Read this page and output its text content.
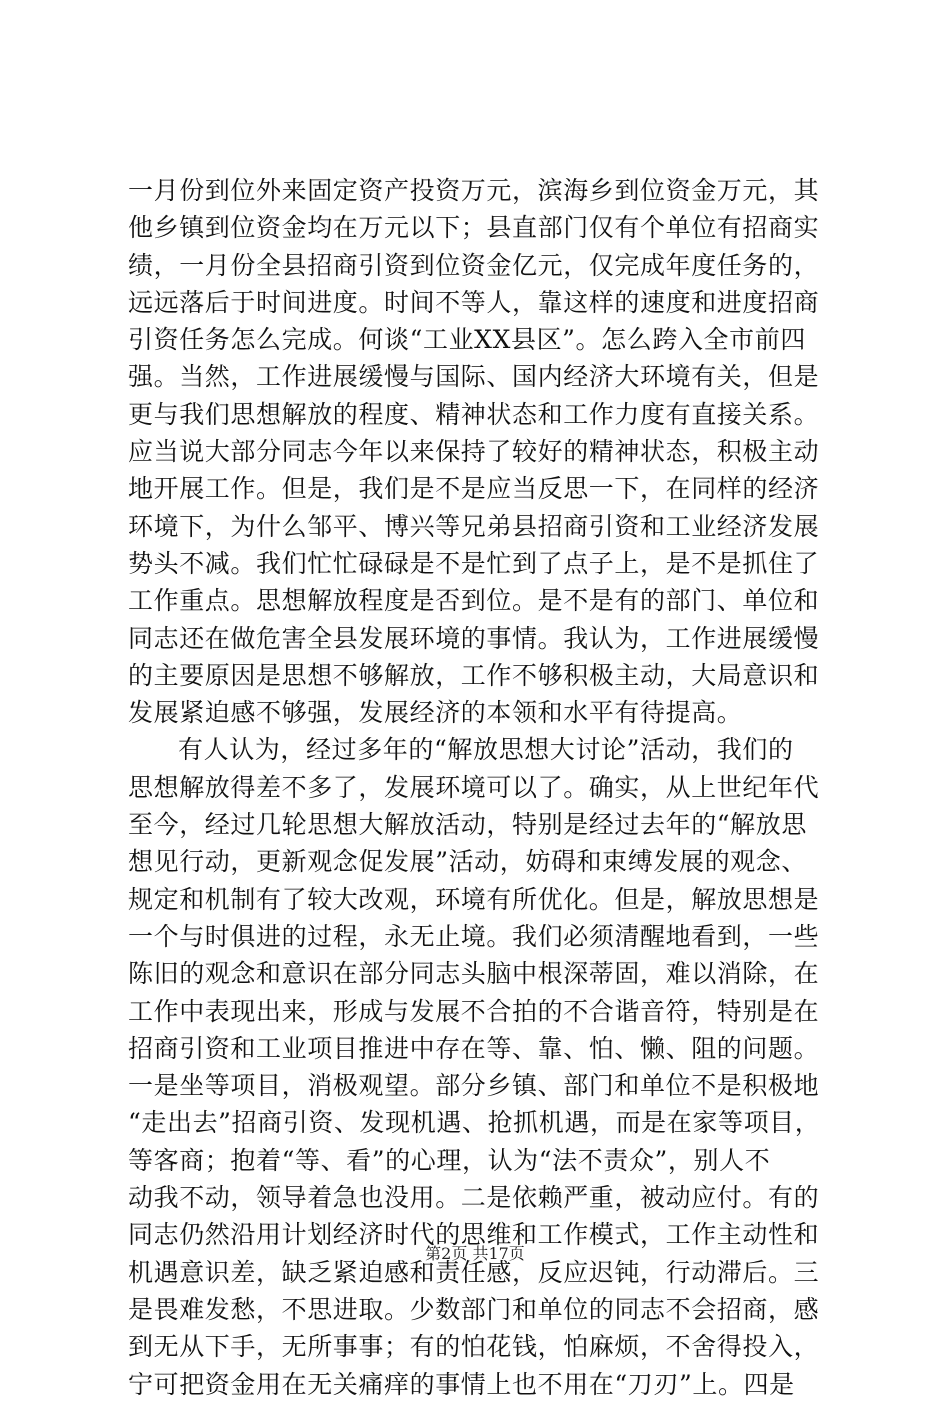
一月份到位外来固定资产投资万元，滨海乡到位资金万元，其
他乡镇到位资金均在万元以下；县直部门仅有个单位有招商实
绩，一月份全县招商引资到位资金亿元，仅完成年度任务的，
远远落后于时间进度。时间不等人，靠这样的速度和进度招商
引资任务怎么完成。何谈“工业XX县区”。怎么跨入全市前四
强。当然，工作进展缓慢与国际、国内经济大环境有关，但是
更与我们思想解放的程度、精神状态和工作力度有直接关系。
应当说大部分同志今年以来保持了较好的精神状态，积极主动
地开展工作。但是，我们是不是应当反思一下，在同样的经济
环境下，为什么邹平、博兴等兄弟县招商引资和工业经济发展
势头不减。我们忙忙碌碌是不是忙到了点子上，是不是抓住了
工作重点。思想解放程度是否到位。是不是有的部门、单位和
同志还在做危害全县发展环境的事情。我认为，工作进展缓慢
的主要原因是思想不够解放，工作不够积极主动，大局意识和
发展紧迫感不够强，发展经济的本领和水平有待提高。
有人认为，经过多年的“解放思想大讨论”活动，我们的
思想解放得差不多了，发展环境可以了。确实，从上世纪年代
至今，经过几轮思想大解放活动，特别是经过去年的“解放思
想见行动，更新观念促发展”活动，妨碍和束缚发展的观念、
规定和机制有了较大改观，环境有所优化。但是，解放思想是
一个与时俱进的过程，永无止境。我们必须清醒地看到，一些
陈旧的观念和意识在部分同志头脑中根深蒂固，难以消除，在
工作中表现出来，形成与发展不合拍的不合谐音符，特别是在
招商引资和工业项目推进中存在等、靠、怕、懒、阻的问题。
一是坐等项目，消极观望。部分乡镇、部门和单位不是积极地
“走出去”招商引资、发现机遇、抢抓机遇，而是在家等项目，
等客商；抱着“等、看”的心理，认为“法不责众”，别人不
动我不动，领导着急也没用。二是依赖严重，被动应付。有的
同志仍然沿用计划经济时代的思维和工作模式，工作主动性和
机遇意识差，缺乏紧迫感和责任感，反应迟钝，行动滞后。三
是畏难发愁，不思进取。少数部门和单位的同志不会招商，感
到无从下手，无所事事；有的怕花钱，怕麻烦，不舍得投入，
宁可把资金用在无关痛痒的事情上也不用在“刀刃”上。四是
第2页 共17页
